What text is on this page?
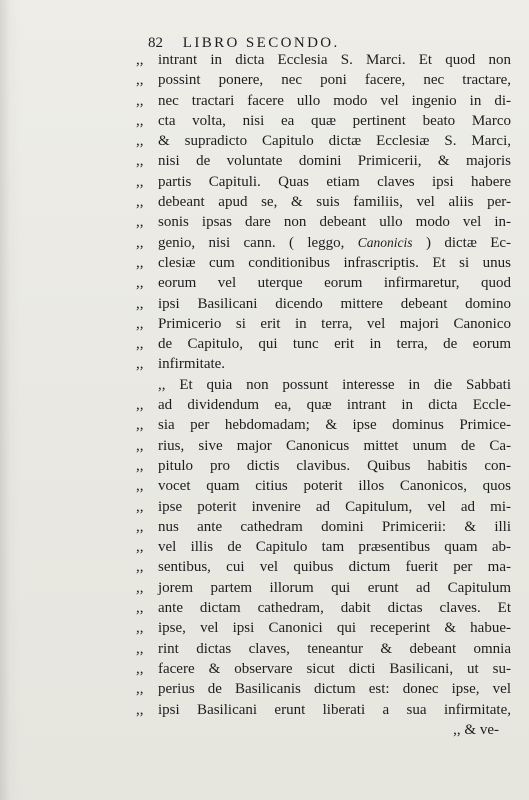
82 LIBRO SECONDO.
,, intrant in dicta Ecclesia S. Marci. Et quod non
,, possint ponere, nec poni facere, nec tractare,
,, nec tractari facere ullo modo vel ingenio in di-
,, cta volta, nisi ea quæ pertinent beato Marco
,, & supradicto Capitulo dictæ Ecclesiæ S. Marci,
,, nisi de voluntate domini Primicerii, & majoris
,, partis Capituli. Quas etiam claves ipsi habere
,, debeant apud se, & suis familiis, vel aliis per-
,, sonis ipsas dare non debeant ullo modo vel in-
,, genio, nisi cann. ( leggo, Canonicis ) dictæ Ec-
,, clesiæ cum conditionibus infrascriptis. Et si unus
,, eorum vel uterque eorum infirmaretur, quod
,, ipsi Basilicani dicendo mittere debeant domino
,, Primicerio si erit in terra, vel majori Canonico
,, de Capitulo, qui tunc erit in terra, de eorum
,, infirmitate.
,, Et quia non possunt interesse in die Sabbati
,, ad dividendum ea, quæ intrant in dicta Eccle-
,, sia per hebdomadam; & ipse dominus Primice-
,, rius, sive major Canonicus mittet unum de Ca-
,, pitulo pro dictis clavibus. Quibus habitis con-
,, vocet quam citius poterit illos Canonicos, quos
,, ipse poterit invenire ad Capitulum, vel ad mi-
,, nus ante cathedram domini Primicerii: & illi
,, vel illis de Capitulo tam præsentibus quam ab-
,, sentibus, cui vel quibus dictum fuerit per ma-
,, jorem partem illorum qui erunt ad Capitulum
,, ante dictam cathedram, dabit dictas claves. Et
,, ipse, vel ipsi Canonici qui receperint & habue-
,, rint dictas claves, teneantur & debeant omnia
,, facere & observare sicut dicti Basilicani, ut su-
,, perius de Basilicanis dictum est: donec ipse, vel
,, ipsi Basilicani erunt liberati a sua infirmitate,
,, & ve-
